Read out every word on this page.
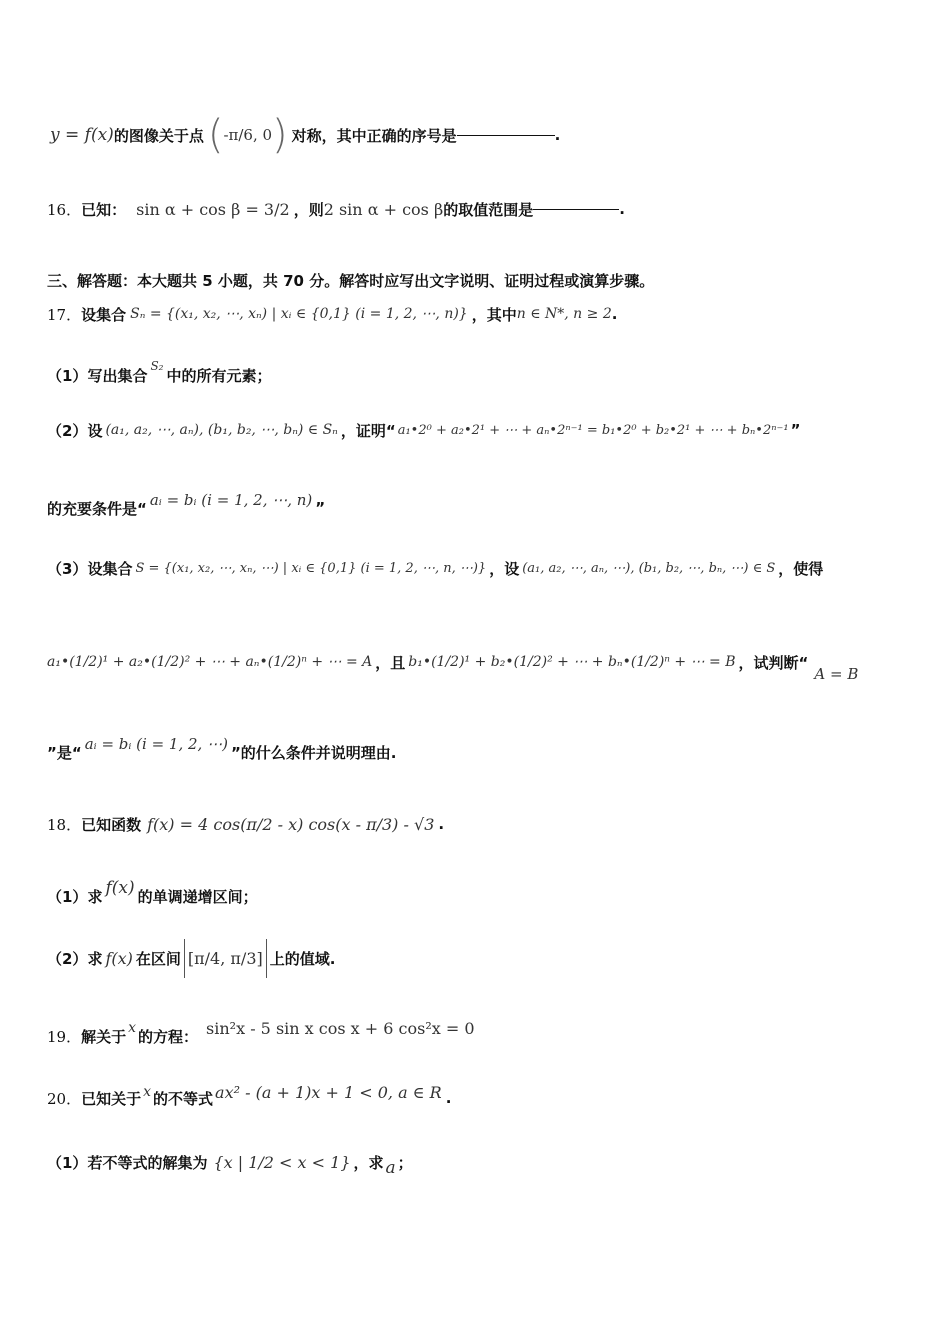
y = f(x) 的图像关于点 ( -π/6, 0 ) 对称，其中正确的序号是	.
16． 已知： sin α + cos β = 3/2 ，则 2 sin α + cos β 的取值范围是	.
三、解答题：本大题共 5 小题，共 70 分。解答时应写出文字说明、证明过程或演算步骤。
17． 设集合 Sₙ = {(x₁, x₂, ⋯, xₙ) | xᵢ ∈ {0,1} (i = 1, 2, ⋯, n)} ，其中 n ∈ N*, n ≥ 2 .
（1） 写出集合
S₂
中的所有元素；
（2） 设 (a₁, a₂, ⋯, aₙ), (b₁, b₂, ⋯, bₙ) ∈ Sₙ ，证明“ a₁•2⁰ + a₂•2¹ + ⋯ + aₙ•2ⁿ⁻¹ = b₁•2⁰ + b₂•2¹ + ⋯ + bₙ•2ⁿ⁻¹ ”
的充要条件是“ aᵢ = bᵢ (i = 1, 2, ⋯, n) ”
（3） 设集合 S = {(x₁, x₂, ⋯, xₙ, ⋯) | xᵢ ∈ {0,1} (i = 1, 2, ⋯, n, ⋯)} ，设 (a₁, a₂, ⋯, aₙ, ⋯), (b₁, b₂, ⋯, bₙ, ⋯) ∈ S ，使得
a₁•(1/2)¹ + a₂•(1/2)² + ⋯ + aₙ•(1/2)ⁿ + ⋯ = A ，且 b₁•(1/2)¹ + b₂•(1/2)² + ⋯ + bₙ•(1/2)ⁿ + ⋯ = B ，试判断“
A = B
”是“ aᵢ = bᵢ (i = 1, 2, ⋯) ”的什么条件并说明理由.
18． 已知函数 f(x) = 4 cos(π/2 - x) cos(x - π/3) - √3 .
（1） 求 f(x) 的单调递增区间；
（2） 求 f(x) 在区间 [π/4, π/3] 上的值域.
19． 解关于 x 的方程： sin²x - 5 sin x cos x + 6 cos²x = 0
20． 已知关于 x 的不等式 ax² - (a + 1)x + 1 < 0, a ∈ R .
（1） 若不等式的解集为 {x | 1/2 < x < 1} ，求 a ；
